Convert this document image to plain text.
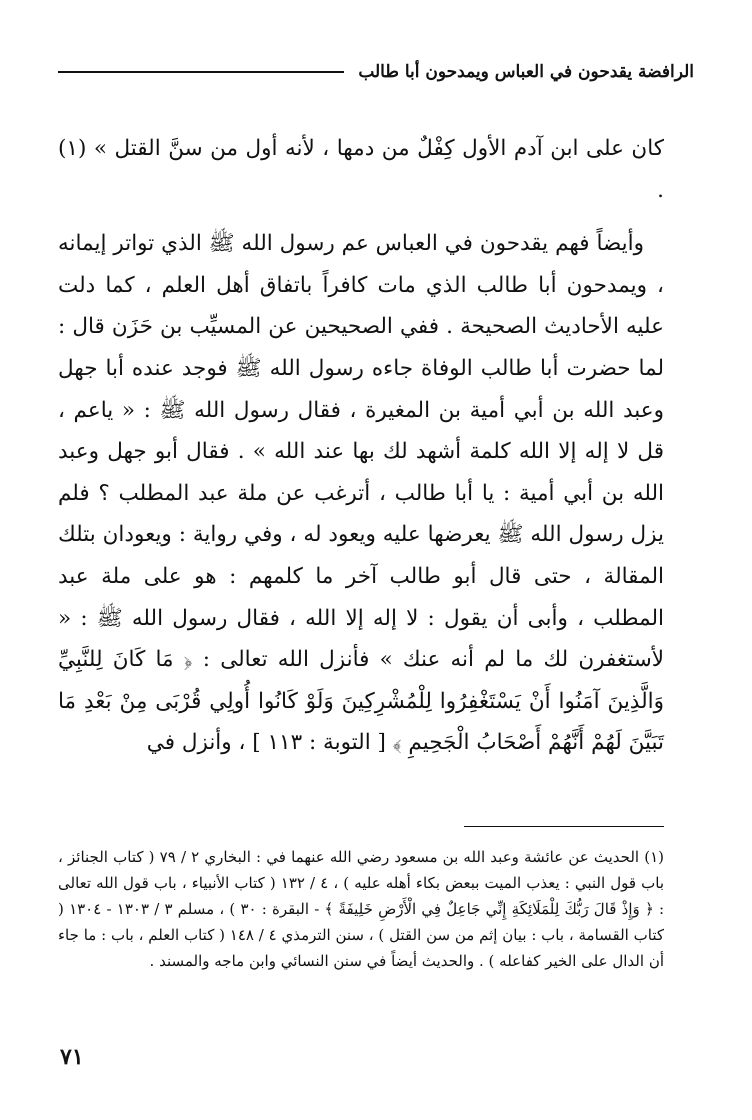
الرافضة يقدحون في العباس ويمدحون أبا طالب

كان على ابن آدم الأول كِفْلٌ من دمها ، لأنه أول من سنَّ القتل » (١) .

وأيضاً فهم يقدحون في العباس عم رسول الله ﷺ الذي تواتر إيمانه ، ويمدحون أبا طالب الذي مات كافراً باتفاق أهل العلم ، كما دلت عليه الأحاديث الصحيحة . ففي الصحيحين عن المسيِّب بن حَزَن قال : لما حضرت أبا طالب الوفاة جاءه رسول الله ﷺ فوجد عنده أبا جهل وعبد الله بن أبي أمية بن المغيرة ، فقال رسول الله ﷺ : « ياعم ، قل لا إله إلا الله كلمة أشهد لك بها عند الله » . فقال أبو جهل وعبد الله بن أبي أمية : يا أبا طالب ، أترغب عن ملة عبد المطلب ؟ فلم يزل رسول الله ﷺ يعرضها عليه ويعود له ، وفي رواية : ويعودان بتلك المقالة ، حتى قال أبو طالب آخر ما كلمهم : هو على ملة عبد المطلب ، وأبى أن يقول : لا إله إلا الله ، فقال رسول الله ﷺ : « لأستغفرن لك ما لم أنه عنك » فأنزل الله تعالى : ﴿ مَا كَانَ لِلنَّبِيِّ وَالَّذِينَ آمَنُوا أَنْ يَسْتَغْفِرُوا لِلْمُشْرِكِينَ وَلَوْ كَانُوا أُولِي قُرْبَى مِنْ بَعْدِ مَا تَبَيَّنَ لَهُمْ أَنَّهُمْ أَصْحَابُ الْجَحِيمِ ﴾ [ التوبة : ١١٣ ] ، وأنزل في

(١) الحديث عن عائشة وعبد الله بن مسعود رضي الله عنهما في : البخاري ٢ / ٧٩ ( كتاب الجنائز ، باب قول النبي : يعذب الميت ببعض بكاء أهله عليه ) ، ٤ / ١٣٢ ( كتاب الأنبياء ، باب قول الله تعالى : ﴿ وَإِذْ قَالَ رَبُّكَ لِلْمَلَائِكَةِ إِنِّي جَاعِلٌ فِي الْأَرْضِ خَلِيفَةً ﴾ - البقرة : ٣٠ ) ، مسلم ٣ / ١٣٠٣ - ١٣٠٤ ( كتاب القسامة ، باب : بيان إثم من سن القتل ) ، سنن الترمذي ٤ / ١٤٨ ( كتاب العلم ، باب : ما جاء أن الدال على الخير كفاعله ) . والحديث أيضاً في سنن النسائي وابن ماجه والمسند .

٧١
